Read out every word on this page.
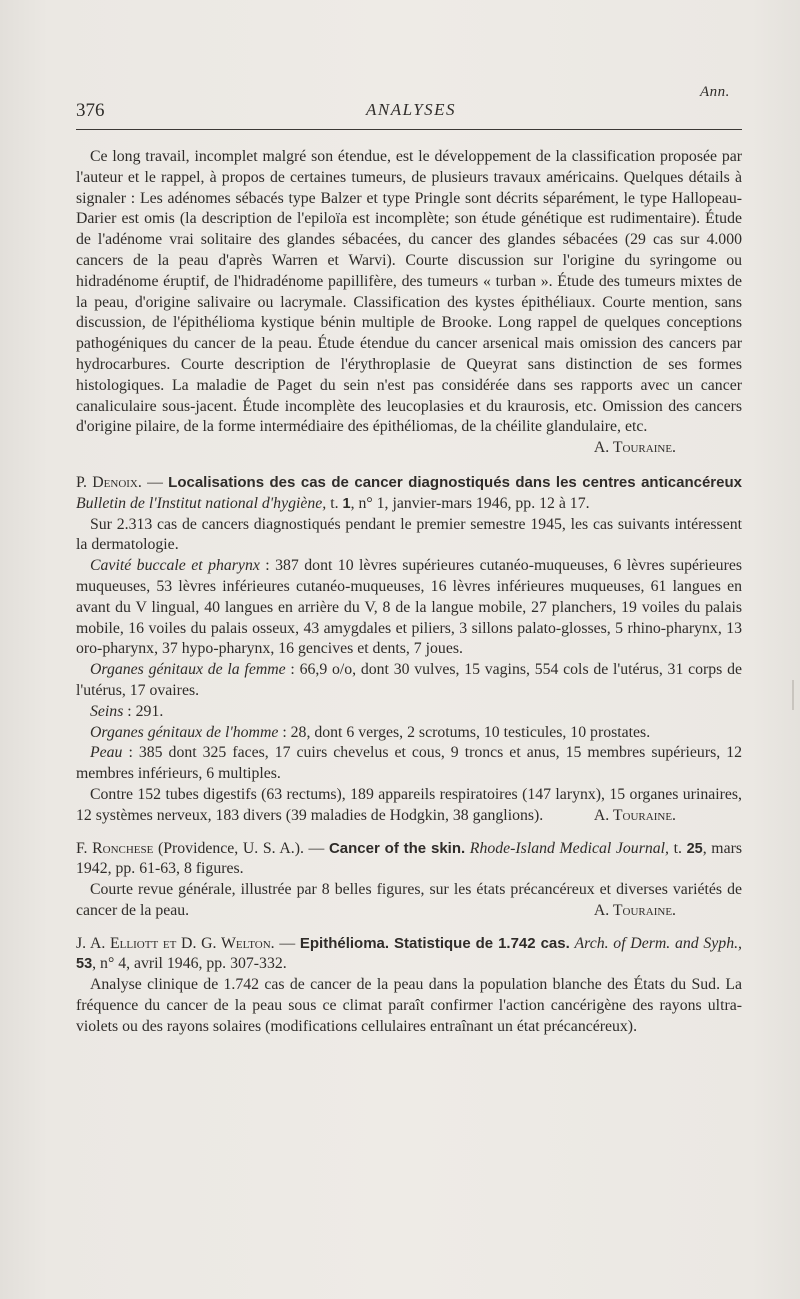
Ann.
376	ANALYSES

Ce long travail, incomplet malgré son étendue, est le développement de la classification proposée par l'auteur et le rappel, à propos de certaines tumeurs, de plusieurs travaux américains. Quelques détails à signaler : Les adénomes sébacés type Balzer et type Pringle sont décrits séparément, le type Hallopeau-Darier est omis (la description de l'epiloïa est incomplète; son étude génétique est rudimentaire). Étude de l'adénome vrai solitaire des glandes sébacées, du cancer des glandes sébacées (29 cas sur 4.000 cancers de la peau d'après Warren et Warvi). Courte discussion sur l'origine du syringome ou hidradénome éruptif, de l'hidradénome papillifère, des tumeurs « turban ». Étude des tumeurs mixtes de la peau, d'origine salivaire ou lacrymale. Classification des kystes épithéliaux. Courte mention, sans discussion, de l'épithélioma kystique bénin multiple de Brooke. Long rappel de quelques conceptions pathogéniques du cancer de la peau. Étude étendue du cancer arsenical mais omission des cancers par hydrocarbures. Courte description de l'érythroplasie de Queyrat sans distinction de ses formes histologiques. La maladie de Paget du sein n'est pas considérée dans ses rapports avec un cancer canaliculaire sous-jacent. Étude incomplète des leucoplasies et du kraurosis, etc. Omission des cancers d'origine pilaire, de la forme intermédiaire des épithéliomas, de la chéilite glandulaire, etc.
A. Touraine.

P. Denoix. — Localisations des cas de cancer diagnostiqués dans les centres anticancéreux Bulletin de l'Institut national d'hygiène, t. 1, n° 1, janvier-mars 1946, pp. 12 à 17.

Sur 2.313 cas de cancers diagnostiqués pendant le premier semestre 1945, les cas suivants intéressent la dermatologie.

Cavité buccale et pharynx : 387 dont 10 lèvres supérieures cutanéo-muqueuses, 6 lèvres supérieures muqueuses, 53 lèvres inférieures cutanéo-muqueuses, 16 lèvres inférieures muqueuses, 61 langues en avant du V lingual, 40 langues en arrière du V, 8 de la langue mobile, 27 planchers, 19 voiles du palais mobile, 16 voiles du palais osseux, 43 amygdales et piliers, 3 sillons palato-glosses, 5 rhino-pharynx, 13 oro-pharynx, 37 hypo-pharynx, 16 gencives et dents, 7 joues.

Organes génitaux de la femme : 66,9 o/o, dont 30 vulves, 15 vagins, 554 cols de l'utérus, 31 corps de l'utérus, 17 ovaires.

Seins : 291.

Organes génitaux de l'homme : 28, dont 6 verges, 2 scrotums, 10 testicules, 10 prostates.

Peau : 385 dont 325 faces, 17 cuirs chevelus et cous, 9 troncs et anus, 15 membres supérieurs, 12 membres inférieurs, 6 multiples.

Contre 152 tubes digestifs (63 rectums), 189 appareils respiratoires (147 larynx), 15 organes urinaires, 12 systèmes nerveux, 183 divers (39 maladies de Hodgkin, 38 ganglions).	A. Touraine.

F. Ronchese (Providence, U. S. A.). — Cancer of the skin. Rhode-Island Medical Journal, t. 25, mars 1942, pp. 61-63, 8 figures.

Courte revue générale, illustrée par 8 belles figures, sur les états précancéreux et diverses variétés de cancer de la peau.	A. Touraine.

J. A. Elliott et D. G. Welton. — Epithélioma. Statistique de 1.742 cas. Arch. of Derm. and Syph., 53, n° 4, avril 1946, pp. 307-332.

Analyse clinique de 1.742 cas de cancer de la peau dans la population blanche des États du Sud. La fréquence du cancer de la peau sous ce climat paraît confirmer l'action cancérigène des rayons ultra-violets ou des rayons solaires (modifications cellulaires entraînant un état précancéreux).
